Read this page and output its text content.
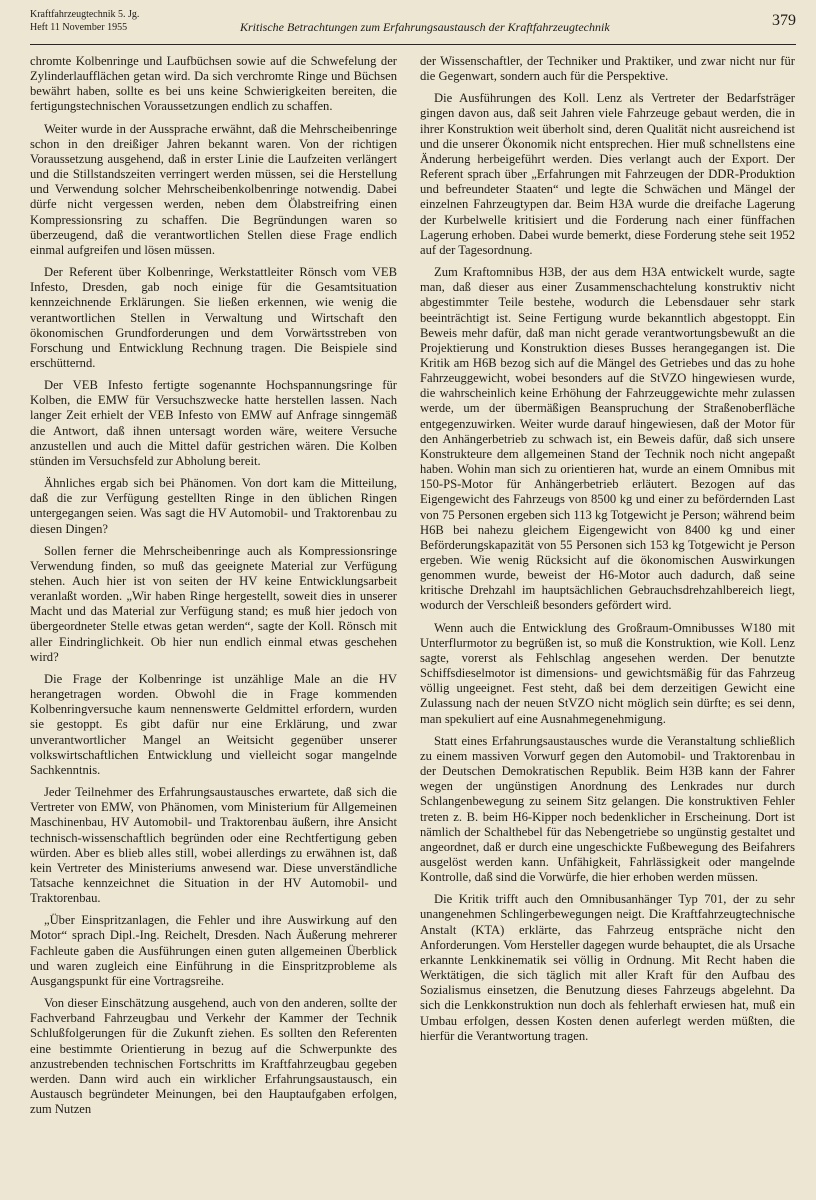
Kraftfahrzeugtechnik 5. Jg.
Heft 11 November 1955	Kritische Betrachtungen zum Erfahrungsaustausch der Kraftfahrzeugtechnik	379

chromte Kolbenringe und Laufbüchsen sowie auf die Schwefelung der Zylinderlaufflächen getan wird. Da sich verchromte Ringe und Büchsen bewährt haben, sollte es bei uns keine Schwierigkeiten bereiten, die fertigungstechnischen Voraussetzungen endlich zu schaffen.

Weiter wurde in der Aussprache erwähnt, daß die Mehrscheibenringe schon in den dreißiger Jahren bekannt waren. Von der richtigen Voraussetzung ausgehend, daß in erster Linie die Laufzeiten verlängert und die Stillstandszeiten verringert werden müssen, sei die Herstellung und Verwendung solcher Mehrscheibenkolbenringe notwendig. Dabei dürfe nicht vergessen werden, neben dem Ölabstreifring einen Kompressionsring zu schaffen. Die Begründungen waren so überzeugend, daß die verantwortlichen Stellen diese Frage endlich einmal aufgreifen und lösen müssen.

Der Referent über Kolbenringe, Werkstattleiter Rönsch vom VEB Infesto, Dresden, gab noch einige für die Gesamtsituation kennzeichnende Erklärungen. Sie ließen erkennen, wie wenig die verantwortlichen Stellen in Verwaltung und Wirtschaft den ökonomischen Grundforderungen und dem Vorwärtsstreben von Forschung und Entwicklung Rechnung tragen. Die Beispiele sind erschütternd.

Der VEB Infesto fertigte sogenannte Hochspannungsringe für Kolben, die EMW für Versuchszwecke hatte herstellen lassen. Nach langer Zeit erhielt der VEB Infesto von EMW auf Anfrage sinngemäß die Antwort, daß ihnen untersagt worden wäre, weitere Versuche anzustellen und auch die Mittel dafür gestrichen wären. Die Kolben stünden im Versuchsfeld zur Abholung bereit.

Ähnliches ergab sich bei Phänomen. Von dort kam die Mitteilung, daß die zur Verfügung gestellten Ringe in den üblichen Ringen untergegangen seien. Was sagt die HV Automobil- und Traktorenbau zu diesen Dingen?

Sollen ferner die Mehrscheibenringe auch als Kompressionsringe Verwendung finden, so muß das geeignete Material zur Verfügung stehen. Auch hier ist von seiten der HV keine Entwicklungsarbeit veranlaßt worden. „Wir haben Ringe hergestellt, soweit dies in unserer Macht und das Material zur Verfügung stand; es muß hier jedoch von übergeordneter Stelle etwas getan werden“, sagte der Koll. Rönsch mit aller Eindringlichkeit. Ob hier nun endlich einmal etwas geschehen wird?

Die Frage der Kolbenringe ist unzählige Male an die HV herangetragen worden. Obwohl die in Frage kommenden Kolbenringversuche kaum nennenswerte Geldmittel erfordern, wurden sie gestoppt. Es gibt dafür nur eine Erklärung, und zwar unverantwortlicher Mangel an Weitsicht gegenüber unserer volkswirtschaftlichen Entwicklung und vielleicht sogar mangelnde Sachkenntnis.

Jeder Teilnehmer des Erfahrungsaustausches erwartete, daß sich die Vertreter von EMW, von Phänomen, vom Ministerium für Allgemeinen Maschinenbau, HV Automobil- und Traktorenbau äußern, ihre Ansicht technisch-wissenschaftlich begründen oder eine Rechtfertigung geben würden. Aber es blieb alles still, wobei allerdings zu erwähnen ist, daß kein Vertreter des Ministeriums anwesend war. Diese unverständliche Tatsache kennzeichnet die Situation in der HV Automobil- und Traktorenbau.

„Über Einspritzanlagen, die Fehler und ihre Auswirkung auf den Motor“ sprach Dipl.-Ing. Reichelt, Dresden. Nach Äußerung mehrerer Fachleute gaben die Ausführungen einen guten allgemeinen Überblick und waren zugleich eine Einführung in die Einspritzprobleme als Ausgangspunkt für eine Vortragsreihe.

Von dieser Einschätzung ausgehend, auch von den anderen, sollte der Fachverband Fahrzeugbau und Verkehr der Kammer der Technik Schlußfolgerungen für die Zukunft ziehen. Es sollten den Referenten eine bestimmte Orientierung in bezug auf die Schwerpunkte des anzustrebenden technischen Fortschritts im Kraftfahrzeugbau gegeben werden. Dann wird auch ein wirklicher Erfahrungsaustausch, ein Austausch begründeter Meinungen, bei den Hauptaufgaben erfolgen, zum Nutzen

der Wissenschaftler, der Techniker und Praktiker, und zwar nicht nur für die Gegenwart, sondern auch für die Perspektive.

Die Ausführungen des Koll. Lenz als Vertreter der Bedarfsträger gingen davon aus, daß seit Jahren viele Fahrzeuge gebaut werden, die in ihrer Konstruktion weit überholt sind, deren Qualität nicht ausreichend ist und die unserer Ökonomik nicht entsprechen. Hier muß schnellstens eine Änderung herbeigeführt werden. Dies verlangt auch der Export. Der Referent sprach über „Erfahrungen mit Fahrzeugen der DDR-Produktion und befreundeter Staaten“ und legte die Schwächen und Mängel der einzelnen Fahrzeugtypen dar. Beim H3A wurde die dreifache Lagerung der Kurbelwelle kritisiert und die Forderung nach einer fünffachen Lagerung erhoben. Dabei wurde bemerkt, diese Forderung stehe seit 1952 auf der Tagesordnung.

Zum Kraftomnibus H3B, der aus dem H3A entwickelt wurde, sagte man, daß dieser aus einer Zusammenschachtelung konstruktiv nicht abgestimmter Teile bestehe, wodurch die Lebensdauer sehr stark beeinträchtigt ist. Seine Fertigung wurde bekanntlich abgestoppt. Ein Beweis mehr dafür, daß man nicht gerade verantwortungsbewußt an die Projektierung und Konstruktion dieses Busses herangegangen ist. Die Kritik am H6B bezog sich auf die Mängel des Getriebes und das zu hohe Fahrzeuggewicht, wobei besonders auf die StVZO hingewiesen wurde, die wahrscheinlich keine Erhöhung der Fahrzeuggewichte mehr zulassen werde, um der übermäßigen Beanspruchung der Straßenoberfläche entgegenzuwirken. Weiter wurde darauf hingewiesen, daß der Motor für den Anhängerbetrieb zu schwach ist, ein Beweis dafür, daß sich unsere Konstrukteure dem allgemeinen Stand der Technik noch nicht angepaßt haben. Wohin man sich zu orientieren hat, wurde an einem Omnibus mit 150-PS-Motor für Anhängerbetrieb erläutert. Bezogen auf das Eigengewicht des Fahrzeugs von 8500 kg und einer zu befördernden Last von 75 Personen ergeben sich 113 kg Totgewicht je Person; während beim H6B bei nahezu gleichem Eigengewicht von 8400 kg und einer Beförderungskapazität von 55 Personen sich 153 kg Totgewicht je Person ergeben. Wie wenig Rücksicht auf die ökonomischen Auswirkungen genommen wurde, beweist der H6-Motor auch dadurch, daß seine kritische Drehzahl im hauptsächlichen Gebrauchsdrehzahlbereich liegt, wodurch der Verschleiß besonders gefördert wird.

Wenn auch die Entwicklung des Großraum-Omnibusses W180 mit Unterflurmotor zu begrüßen ist, so muß die Konstruktion, wie Koll. Lenz sagte, vorerst als Fehlschlag angesehen werden. Der benutzte Schiffsdieselmotor ist dimensions- und gewichtsmäßig für das Fahrzeug völlig ungeeignet. Fest steht, daß bei dem derzeitigen Gewicht eine Zulassung nach der neuen StVZO nicht möglich sein dürfte; es sei denn, man spekuliert auf eine Ausnahmegenehmigung.

Statt eines Erfahrungsaustausches wurde die Veranstaltung schließlich zu einem massiven Vorwurf gegen den Automobil- und Traktorenbau in der Deutschen Demokratischen Republik. Beim H3B kann der Fahrer wegen der ungünstigen Anordnung des Lenkrades nur durch Schlangenbewegung zu seinem Sitz gelangen. Die konstruktiven Fehler treten z. B. beim H6-Kipper noch bedenklicher in Erscheinung. Dort ist nämlich der Schalthebel für das Nebengetriebe so ungünstig gestaltet und angeordnet, daß er durch eine ungeschickte Fußbewegung des Beifahrers ausgelöst werden kann. Unfähigkeit, Fahrlässigkeit oder mangelnde Kontrolle, daß sind die Vorwürfe, die hier erhoben werden müssen.

Die Kritik trifft auch den Omnibusanhänger Typ 701, der zu sehr unangenehmen Schlingerbewegungen neigt. Die Kraftfahrzeugtechnische Anstalt (KTA) erklärte, das Fahrzeug entspräche nicht den Anforderungen. Vom Hersteller dagegen wurde behauptet, die als Ursache erkannte Lenkkinematik sei völlig in Ordnung. Mit Recht haben die Werktätigen, die sich täglich mit aller Kraft für den Aufbau des Sozialismus einsetzen, die Benutzung dieses Fahrzeugs abgelehnt. Da sich die Lenkkonstruktion nun doch als fehlerhaft erwiesen hat, muß ein Umbau erfolgen, dessen Kosten denen auferlegt werden müßten, die hierfür die Verantwortung tragen.
